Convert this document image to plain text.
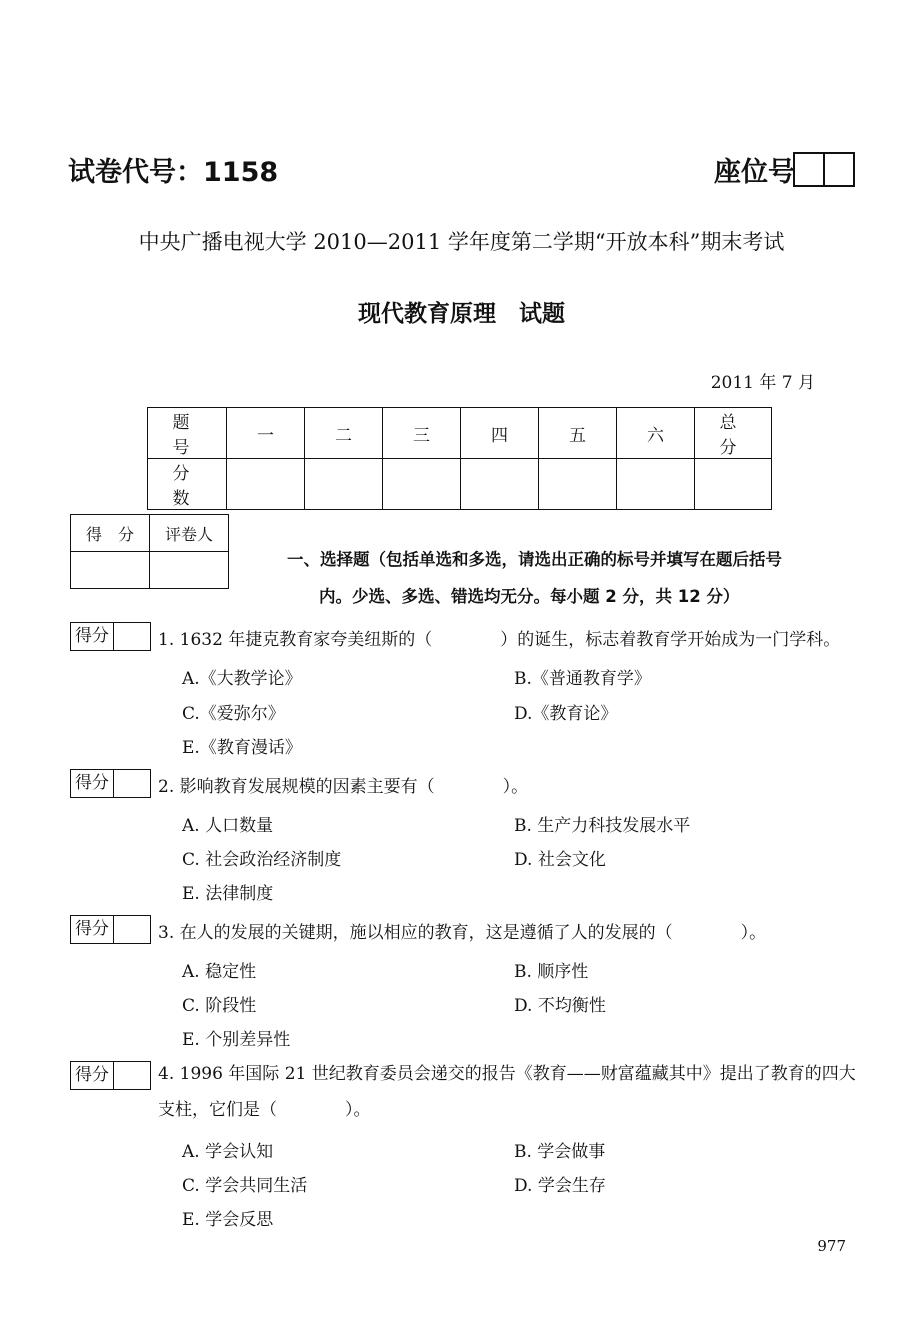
试卷代号：1158	座位号
中央广播电视大学 2010—2011 学年度第二学期“开放本科”期末考试
现代教育原理　试题
2011 年 7 月
题　号	一	二	三	四	五	六	总　分
分　数							
得　分	评卷人

一、选择题（包括单选和多选，请选出正确的标号并填写在题后括号
内。少选、多选、错选均无分。每小题 2 分，共 12 分）
得分	1. 1632 年捷克教育家夸美纽斯的（　　　　）的诞生，标志着教育学开始成为一门学科。
A.《大教学论》	B.《普通教育学》
C.《爱弥尔》	D.《教育论》
E.《教育漫话》
得分	2. 影响教育发展规模的因素主要有（　　　　）。
A. 人口数量	B. 生产力科技发展水平
C. 社会政治经济制度	D. 社会文化
E. 法律制度
得分	3. 在人的发展的关键期，施以相应的教育，这是遵循了人的发展的（　　　　）。
A. 稳定性	B. 顺序性
C. 阶段性	D. 不均衡性
E. 个别差异性
得分	4. 1996 年国际 21 世纪教育委员会递交的报告《教育——财富蕴藏其中》提出了教育的四大支柱，它们是（　　　　）。
A. 学会认知	B. 学会做事
C. 学会共同生活	D. 学会生存
E. 学会反思
977
